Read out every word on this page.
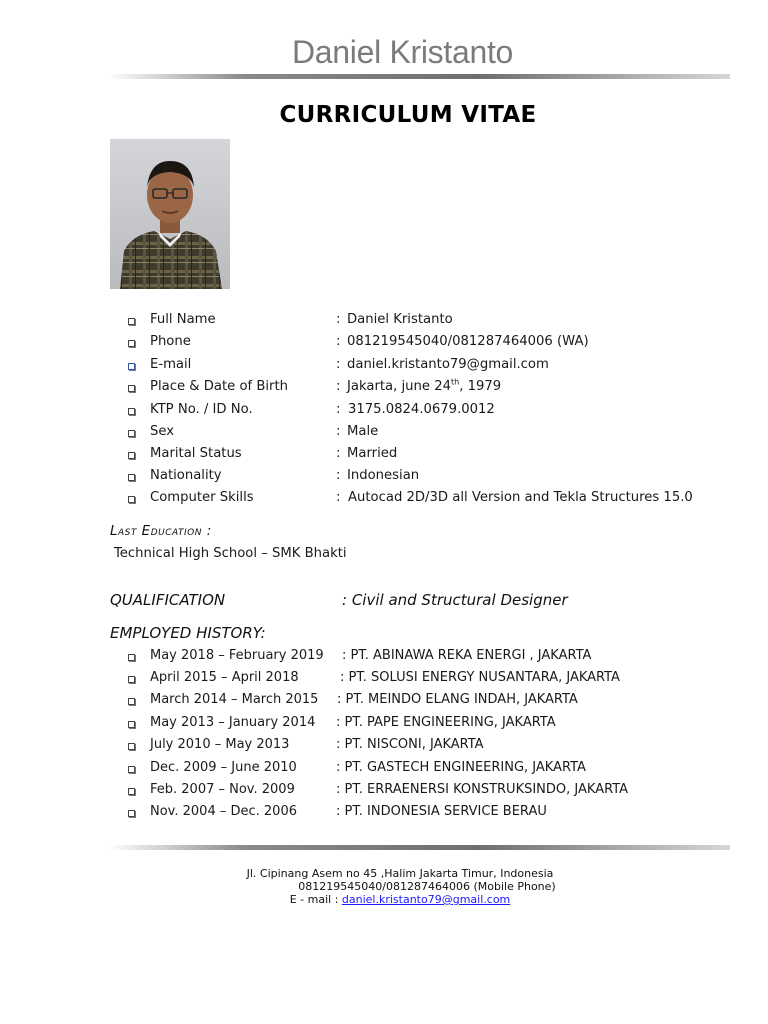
Daniel Kristanto
CURRICULUM VITAE
Full Name	: Daniel Kristanto
Phone	: 081219545040/081287464006 (WA)
E-mail	: daniel.kristanto79@gmail.com
Place & Date of Birth	: Jakarta, june 24th, 1979
KTP No. / ID No.	: 3175.0824.0679.0012
Sex	: Male
Marital Status	: Married
Nationality	: Indonesian
Computer Skills	: Autocad 2D/3D all Version and Tekla Structures 15.0
Last Education :
Technical High School – SMK Bhakti
QUALIFICATION	: Civil and Structural Designer
EMPLOYED HISTORY:
May 2018 – February 2019 : PT. ABINAWA REKA ENERGI , JAKARTA
April 2015 – April 2018	: PT. SOLUSI ENERGY NUSANTARA, JAKARTA
March 2014 – March 2015 : PT. MEINDO ELANG INDAH, JAKARTA
May 2013 – January 2014 : PT. PAPE ENGINEERING, JAKARTA
July 2010 – May 2013	: PT. NISCONI, JAKARTA
Dec. 2009 – June 2010	: PT. GASTECH ENGINEERING, JAKARTA
Feb. 2007 – Nov. 2009	: PT. ERRAENERSI KONSTRUKSINDO, JAKARTA
Nov. 2004 – Dec. 2006	: PT. INDONESIA SERVICE BERAU
Jl. Cipinang Asem no 45 ,Halim Jakarta Timur, Indonesia
081219545040/081287464006 (Mobile Phone)
E - mail : daniel.kristanto79@gmail.com
